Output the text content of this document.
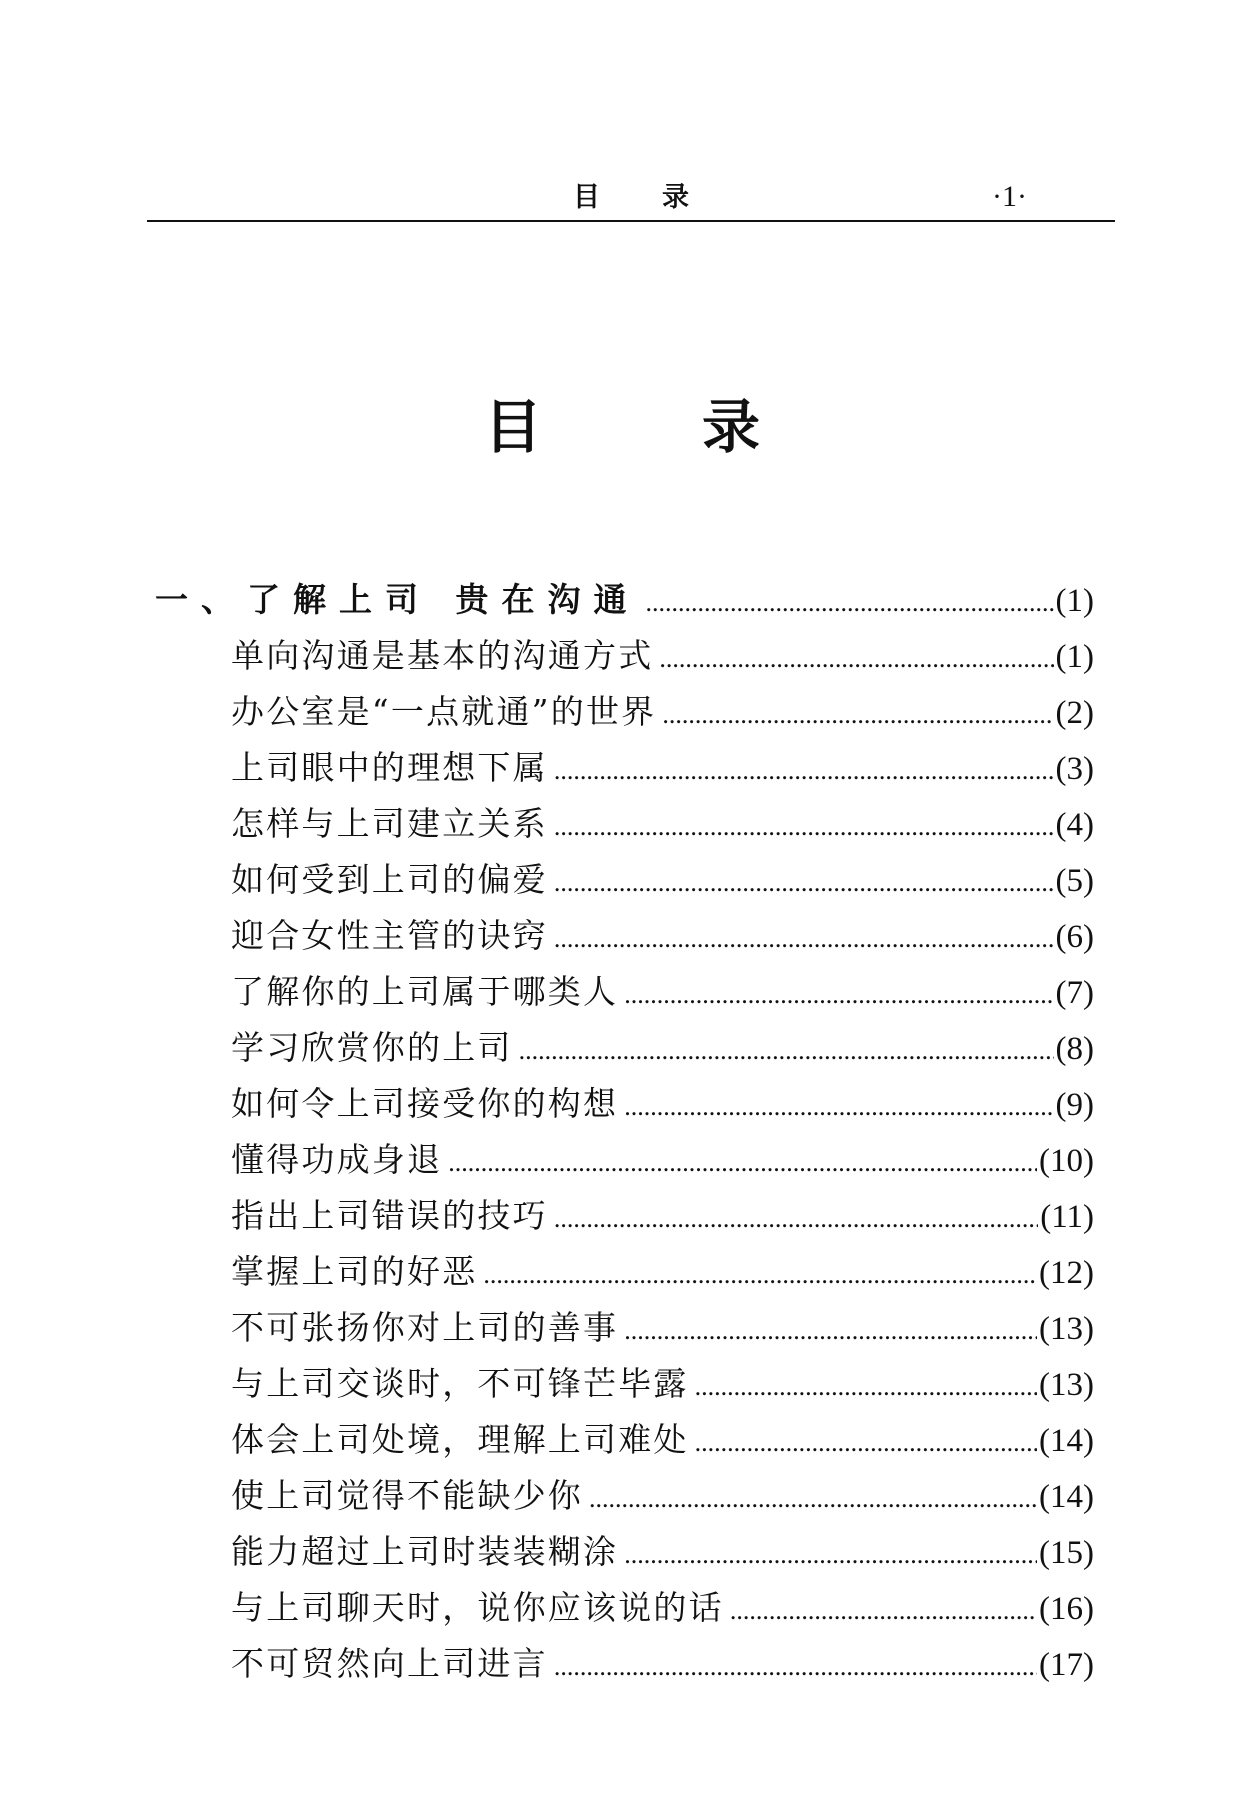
目录	·1·
目录
一、了解上司 贵在沟通 .....	(1)
单向沟通是基本的沟通方式 .....	(1)
办公室是“一点就通”的世界 .....	(2)
上司眼中的理想下属 .....	(3)
怎样与上司建立关系 .....	(4)
如何受到上司的偏爱 .....	(5)
迎合女性主管的诀窍 .....	(6)
了解你的上司属于哪类人 .....	(7)
学习欣赏你的上司 .....	(8)
如何令上司接受你的构想 .....	(9)
懂得功成身退 .....	(10)
指出上司错误的技巧 .....	(11)
掌握上司的好恶 .....	(12)
不可张扬你对上司的善事 .....	(13)
与上司交谈时，不可锋芒毕露 .....	(13)
体会上司处境，理解上司难处 .....	(14)
使上司觉得不能缺少你 .....	(14)
能力超过上司时装装糊涂 .....	(15)
与上司聊天时，说你应该说的话 .....	(16)
不可贸然向上司进言 .....	(17)
